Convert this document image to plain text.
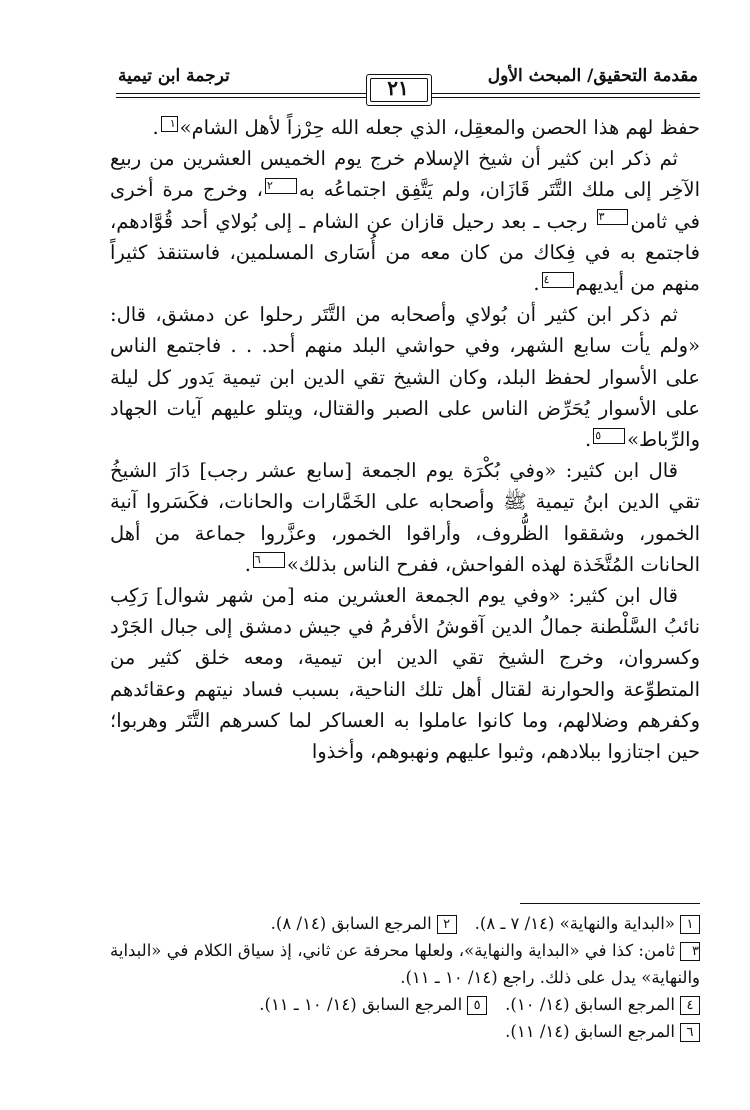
مقدمة التحقيق/ المبحث الأول
ترجمة ابن تيمية	٢١

حفظ لهم هذا الحصن والمعقِل، الذي جعله الله حِرْزاً لأهل الشام»١.

ثم ذكر ابن كثير أن شيخ الإسلام خرج يوم الخميس العشرين من ربيع الآخِر إلى ملك التَّتَر قَازَان، ولم يَتَّفِق اجتماعُه به٢، وخرج مرة أخرى في ثامن٣ رجب ـ بعد رحيل قازان عن الشام ـ إلى بُولاي أحد قُوَّادهم، فاجتمع به في فِكاك من كان معه من أُسَارى المسلمين، فاستنقذ كثيراً منهم من أيديهم٤.

ثم ذكر ابن كثير أن بُولاي وأصحابه من التَّتَر رحلوا عن دمشق، قال: «ولم يأت سابع الشهر، وفي حواشي البلد منهم أحد. . . فاجتمع الناس على الأسوار لحفظ البلد، وكان الشيخ تقي الدين ابن تيمية يَدور كل ليلة على الأسوار يُحَرِّض الناس على الصبر والقتال، ويتلو عليهم آيات الجهاد والرِّباط»٥.

قال ابن كثير: «وفي بُكْرَة يوم الجمعة [سابع عشر رجب] دَارَ الشيخُ تقي الدين ابنُ تيمية ﷺ وأصحابه على الخَمَّارات والحانات، فكَسَروا آنية الخمور، وشققوا الظُّروف، وأراقوا الخمور، وعزَّروا جماعة من أهل الحانات المُتَّخَذة لهذه الفواحش، ففرح الناس بذلك»٦.

قال ابن كثير: «وفي يوم الجمعة العشرين منه [من شهر شوال] رَكِب نائبُ السَّلْطنة جمالُ الدين آقوشُ الأفرمُ في جيش دمشق إلى جبال الجَرْد وكسروان، وخرج الشيخ تقي الدين ابن تيمية، ومعه خلق كثير من المتطوِّعة والحوارنة لقتال أهل تلك الناحية، بسبب فساد نيتهم وعقائدهم وكفرهم وضلالهم، وما كانوا عاملوا به العساكر لما كسرهم التَّتَر وهربوا؛ حين اجتازوا ببلادهم، وثبوا عليهم ونهبوهم، وأخذوا

١«البداية والنهاية» (١٤/ ٧ ـ ٨).٢المرجع السابق (١٤/ ٨).
٣ثامن: كذا في «البداية والنهاية»، ولعلها محرفة عن ثاني، إذ سياق الكلام في «البداية والنهاية» يدل على ذلك. راجع (١٤/ ١٠ ـ ١١).
٤المرجع السابق (١٤/ ١٠).٥المرجع السابق (١٤/ ١٠ ـ ١١).
٦المرجع السابق (١٤/ ١١).
